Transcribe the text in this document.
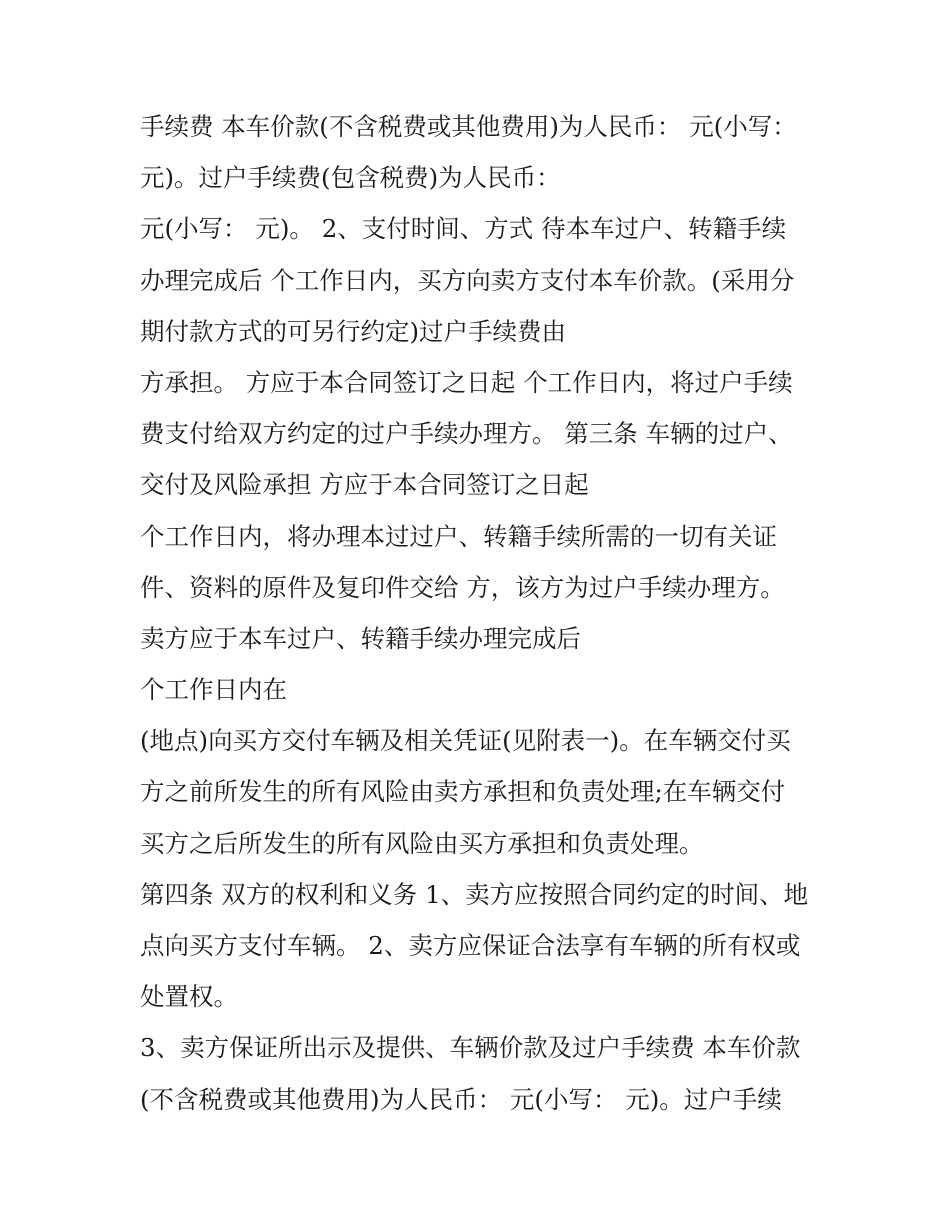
手续费 本车价款(不含税费或其他费用)为人民币： 元(小写：
元)。过户手续费(包含税费)为人民币：
元(小写： 元)。 2、支付时间、方式 待本车过户、转籍手续
办理完成后 个工作日内，买方向卖方支付本车价款。(采用分
期付款方式的可另行约定)过户手续费由
方承担。 方应于本合同签订之日起 个工作日内，将过户手续
费支付给双方约定的过户手续办理方。 第三条 车辆的过户、
交付及风险承担 方应于本合同签订之日起
个工作日内，将办理本过过户、转籍手续所需的一切有关证
件、资料的原件及复印件交给 方，该方为过户手续办理方。
卖方应于本车过户、转籍手续办理完成后
个工作日内在
(地点)向买方交付车辆及相关凭证(见附表一)。在车辆交付买
方之前所发生的所有风险由卖方承担和负责处理;在车辆交付
买方之后所发生的所有风险由买方承担和负责处理。
第四条 双方的权利和义务 1、卖方应按照合同约定的时间、地
点向买方支付车辆。 2、卖方应保证合法享有车辆的所有权或
处置权。
3、卖方保证所出示及提供、车辆价款及过户手续费 本车价款
(不含税费或其他费用)为人民币： 元(小写： 元)。过户手续
